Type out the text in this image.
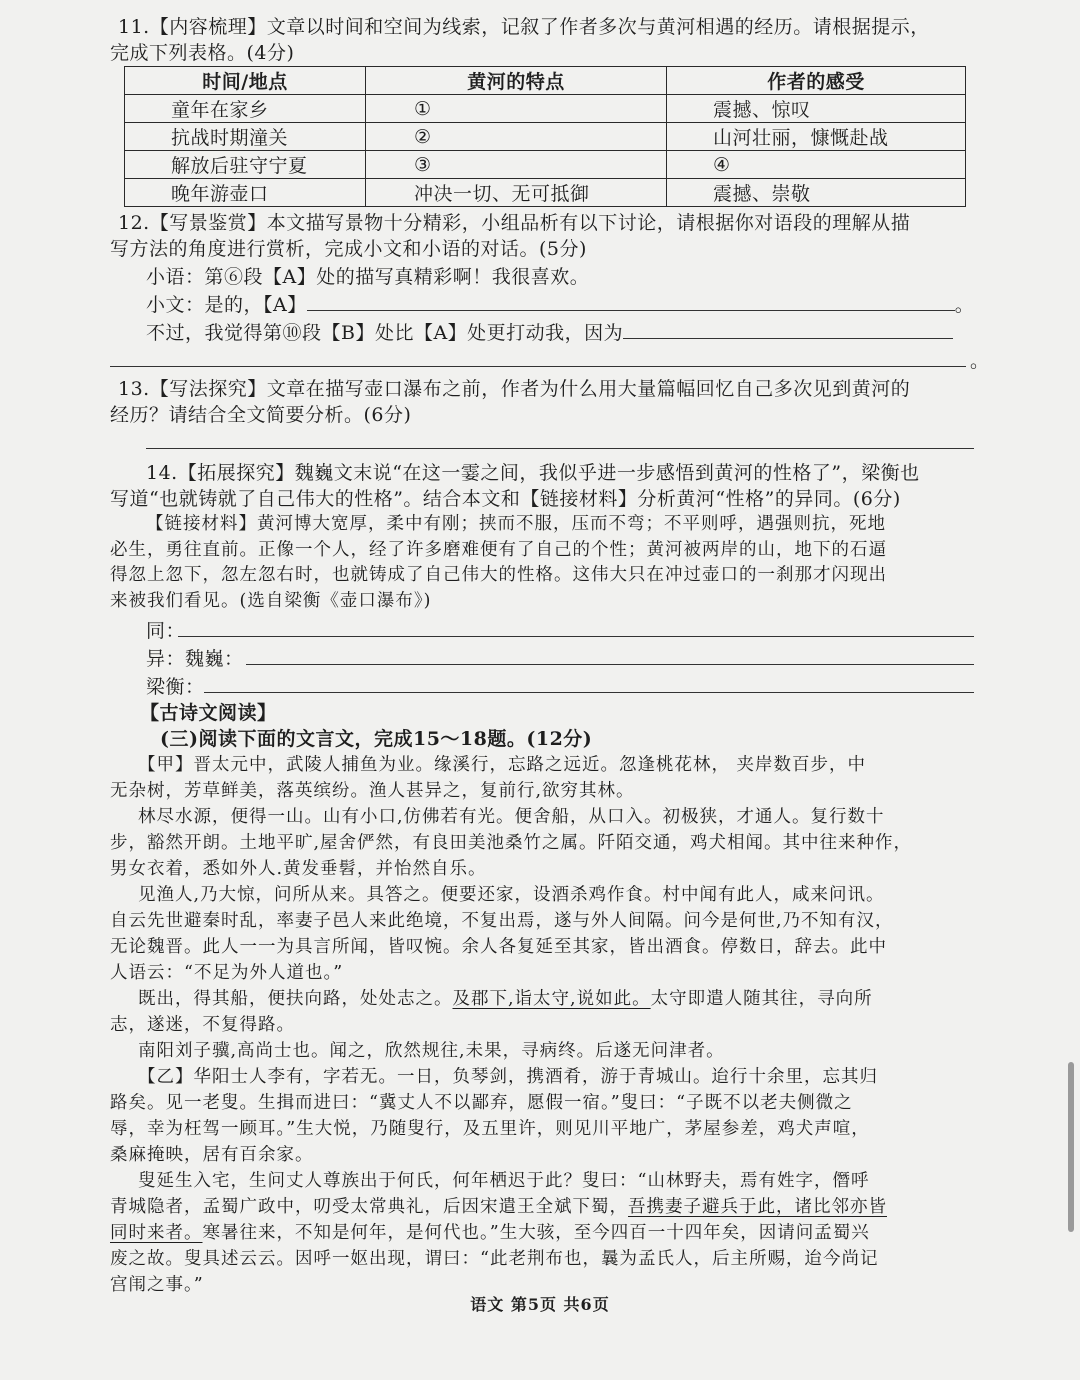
11.【内容梳理】文章以时间和空间为线索，记叙了作者多次与黄河相遇的经历。请根据提示，
完成下列表格。(4分)
时间/地点	黄河的特点	作者的感受
童年在家乡	①	震撼、惊叹
抗战时期潼关	②	山河壮丽，慷慨赴战
解放后驻守宁夏	③	④
晚年游壶口	冲决一切、无可抵御	震撼、崇敬
12.【写景鉴赏】本文描写景物十分精彩，小组品析有以下讨论，请根据你对语段的理解从描
写方法的角度进行赏析，完成小文和小语的对话。(5分)
小语：第⑥段【A】处的描写真精彩啊！我很喜欢。
小文：是的，【A】	。
不过，我觉得第⑩段【B】处比【A】处更打动我，因为
。
13.【写法探究】文章在描写壶口瀑布之前，作者为什么用大量篇幅回忆自己多次见到黄河的
经历？请结合全文简要分析。(6分)
14.【拓展探究】魏巍文末说“在这一霎之间，我似乎进一步感悟到黄河的性格了”，梁衡也
写道“也就铸就了自己伟大的性格”。结合本文和【链接材料】分析黄河“性格”的异同。(6分)
【链接材料】黄河博大宽厚，柔中有刚；挟而不服，压而不弯；不平则呼，遇强则抗，死地
必生，勇往直前。正像一个人，经了许多磨难便有了自己的个性；黄河被两岸的山，地下的石逼
得忽上忽下，忽左忽右时，也就铸成了自己伟大的性格。这伟大只在冲过壶口的一刹那才闪现出
来被我们看见。(选自梁衡《壶口瀑布》)
同：
异：魏巍：
梁衡：
【古诗文阅读】
(三)阅读下面的文言文，完成15～18题。(12分)
【甲】晋太元中，武陵人捕鱼为业。缘溪行，忘路之远近。忽逢桃花林， 夹岸数百步，中
无杂树，芳草鲜美，落英缤纷。渔人甚异之，复前行,欲穷其林。
林尽水源，便得一山。山有小口,仿佛若有光。便舍船，从口入。初极狭，才通人。复行数十
步，豁然开朗。土地平旷,屋舍俨然，有良田美池桑竹之属。阡陌交通，鸡犬相闻。其中往来种作，
男女衣着，悉如外人.黄发垂髫，并怡然自乐。
见渔人,乃大惊，问所从来。具答之。便要还家，设酒杀鸡作食。村中闻有此人，咸来问讯。
自云先世避秦时乱，率妻子邑人来此绝境，不复出焉，遂与外人间隔。问今是何世,乃不知有汉，
无论魏晋。此人一一为具言所闻，皆叹惋。余人各复延至其家，皆出酒食。停数日，辞去。此中
人语云：“不足为外人道也。”
既出，得其船，便扶向路，处处志之。及郡下,诣太守,说如此。太守即遣人随其往，寻向所
志，遂迷，不复得路。
南阳刘子骥,高尚士也。闻之，欣然规往,未果，寻病终。后遂无问津者。
【乙】华阳士人李有，字若无。一日，负琴剑，携酒肴，游于青城山。迨行十余里，忘其归
路矣。见一老叟。生揖而进曰：“冀丈人不以鄙弃，愿假一宿。”叟曰：“子既不以老夫侧微之
辱，幸为枉驾一顾耳。”生大悦，乃随叟行，及五里许，则见川平地广，茅屋参差，鸡犬声喧，
桑麻掩映，居有百余家。
叟延生入宅，生问丈人尊族出于何氏，何年栖迟于此？叟曰：“山林野夫，焉有姓字，僭呼
青城隐者，孟蜀广政中，叨受太常典礼，后因宋遣王全斌下蜀，吾携妻子避兵于此，诸比邻亦皆
同时来者。寒暑往来，不知是何年，是何代也。”生大骇，至今四百一十四年矣，因请问孟蜀兴
废之故。叟具述云云。因呼一妪出现，谓曰：“此老荆布也，曩为孟氏人，后主所赐，迨今尚记
宫闱之事。”
语文 第5页 共6页
